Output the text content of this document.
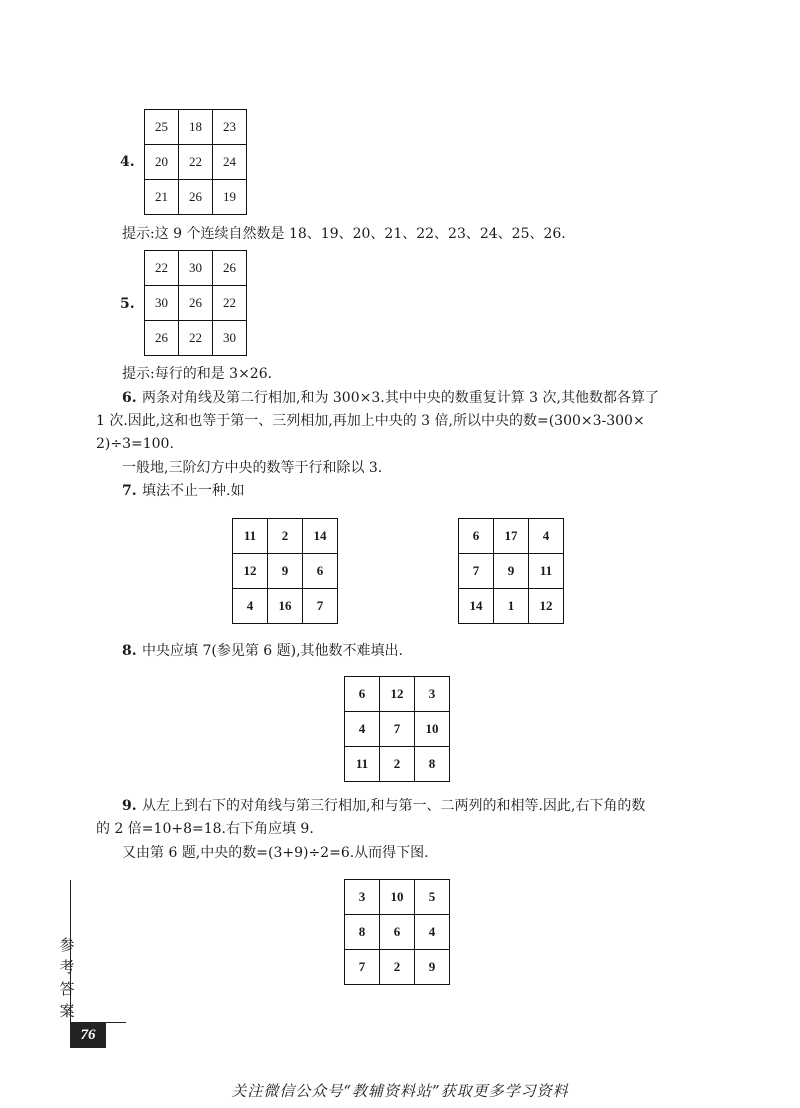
4.
25	18	23
20	22	24
21	26	19
提示:这 9 个连续自然数是 18、19、20、21、22、23、24、25、26.
5.
22	30	26
30	26	22
26	22	30
提示:每行的和是 3×26.
6. 两条对角线及第二行相加,和为 300×3.其中中央的数重复计算 3 次,其他数都各算了
1 次.因此,这和也等于第一、三列相加,再加上中央的 3 倍,所以中央的数=(300×3-300×
2)÷3=100.
一般地,三阶幻方中央的数等于行和除以 3.
7. 填法不止一种.如
11	2	14
12	9	6
4	16	7
6	17	4
7	9	11
14	1	12
8. 中央应填 7(参见第 6 题),其他数不难填出.
6	12	3
4	7	10
11	2	8
9. 从左上到右下的对角线与第三行相加,和与第一、二两列的和相等.因此,右下角的数
的 2 倍=10+8=18.右下角应填 9.
又由第 6 题,中央的数=(3+9)÷2=6.从而得下图.
3	10	5
8	6	4
7	2	9
参
考
答
案
76
关注微信公众号“教辅资料站”获取更多学习资料
